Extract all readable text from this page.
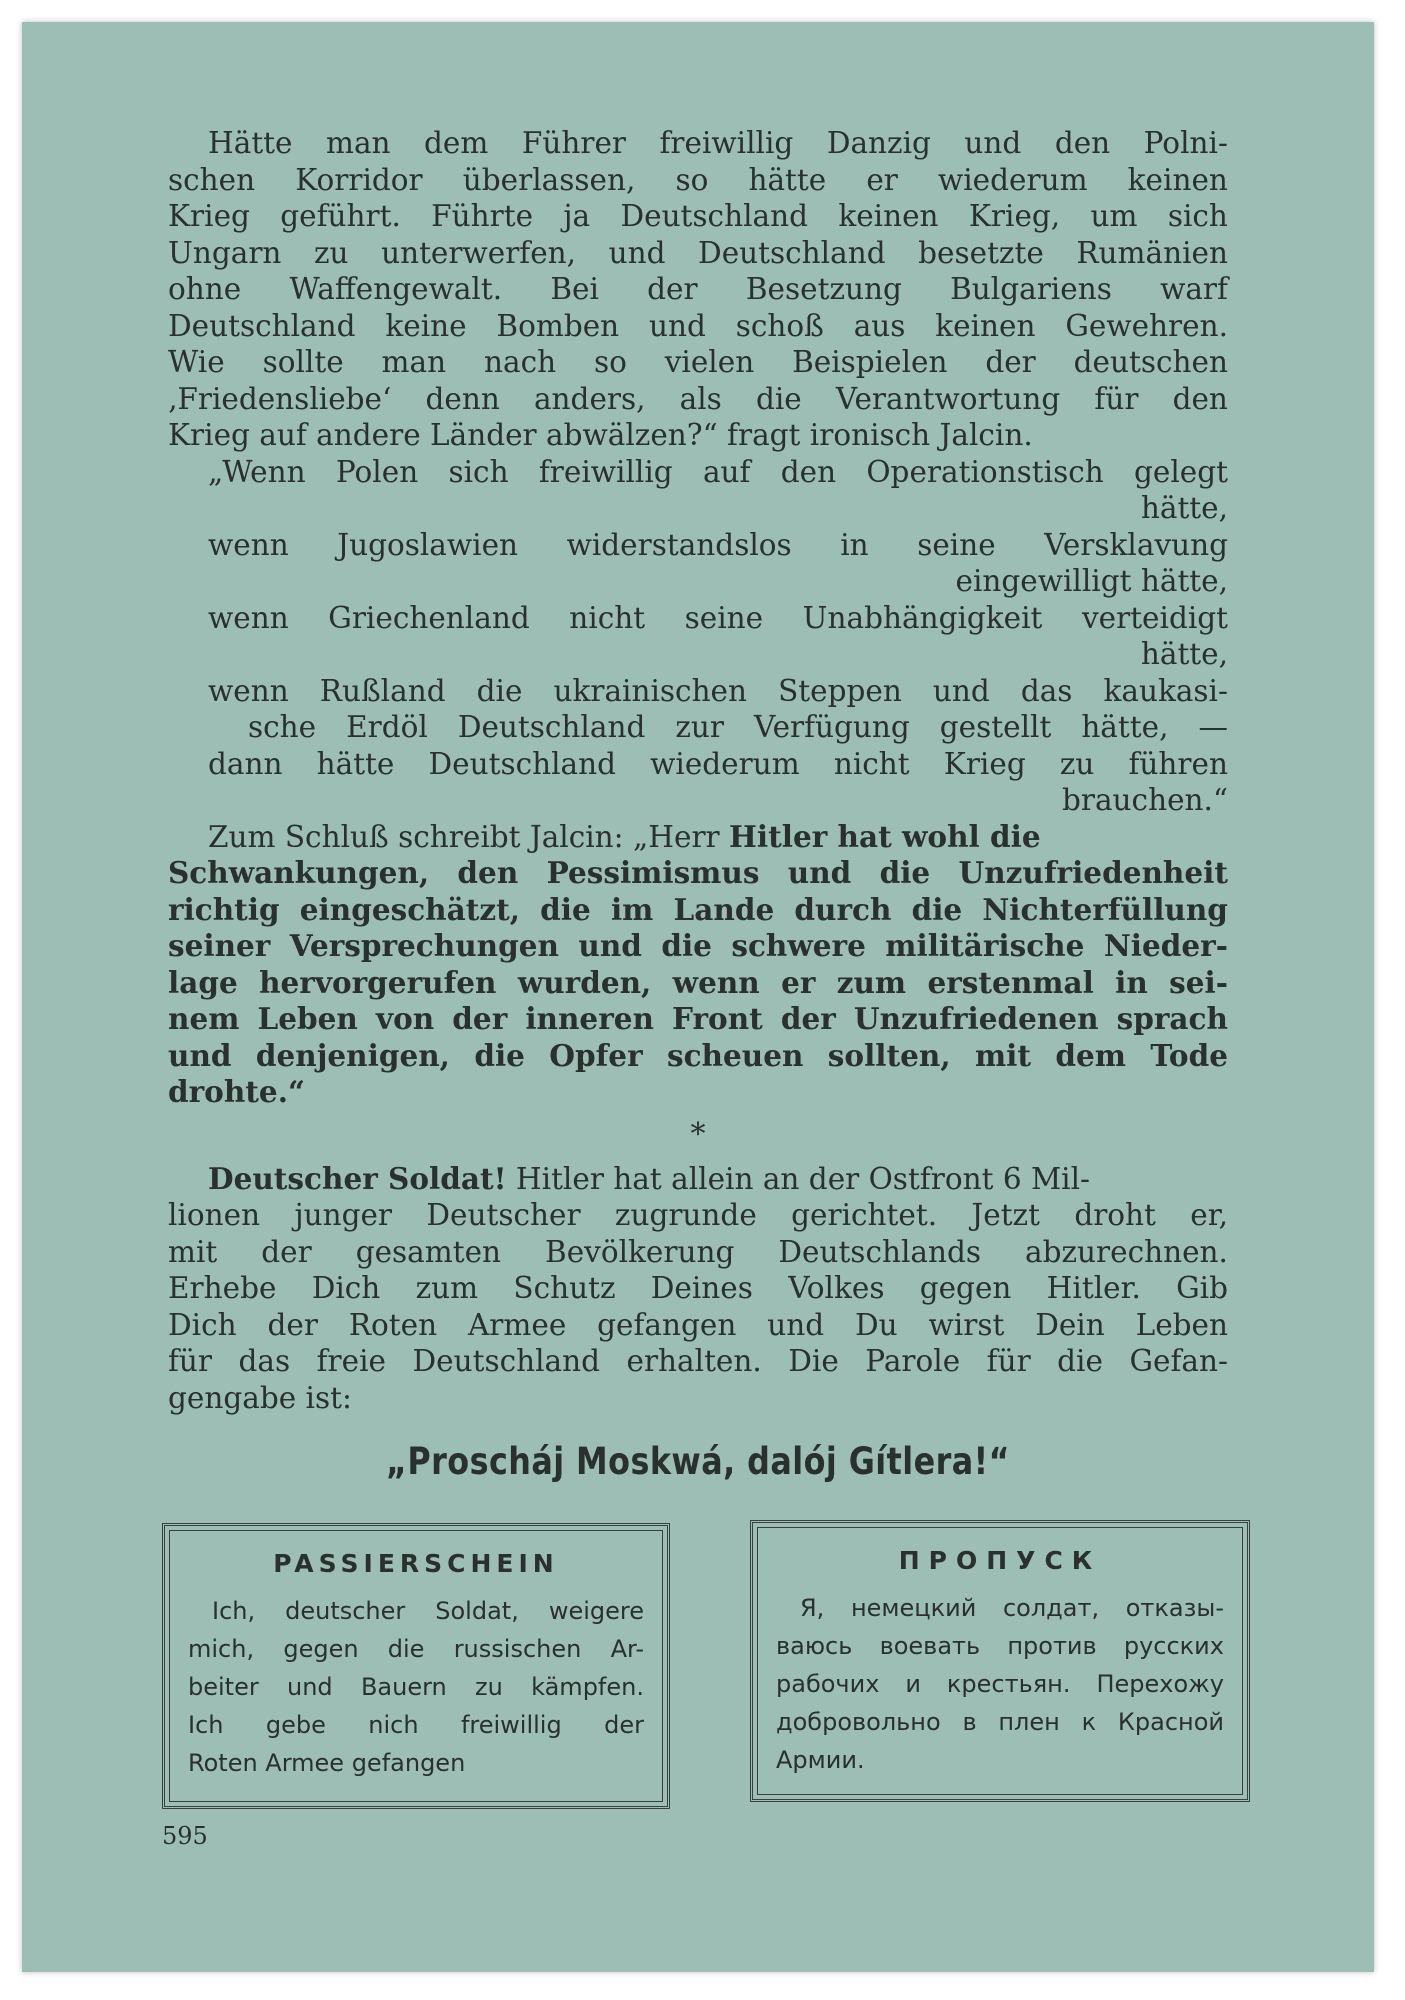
Hätte man dem Führer freiwillig Danzig und den Polni-
schen Korridor überlassen, so hätte er wiederum keinen
Krieg geführt. Führte ja Deutschland keinen Krieg, um sich
Ungarn zu unterwerfen, und Deutschland besetzte Rumänien
ohne Waffengewalt. Bei der Besetzung Bulgariens warf
Deutschland keine Bomben und schoß aus keinen Gewehren.
Wie sollte man nach so vielen Beispielen der deutschen
‚Friedensliebe‘ denn anders, als die Verantwortung für den
Krieg auf andere Länder abwälzen?“ fragt ironisch Jalcin.
„Wenn Polen sich freiwillig auf den Operationstisch gelegt
hätte,
wenn Jugoslawien widerstandslos in seine Versklavung
eingewilligt hätte,
wenn Griechenland nicht seine Unabhängigkeit verteidigt
hätte,
wenn Rußland die ukrainischen Steppen und das kaukasi-
sche Erdöl Deutschland zur Verfügung gestellt hätte, —
dann hätte Deutschland wiederum nicht Krieg zu führen
brauchen.“
Zum Schluß schreibt Jalcin: „Herr Hitler hat wohl die
Schwankungen, den Pessimismus und die Unzufriedenheit
richtig eingeschätzt, die im Lande durch die Nichterfüllung
seiner Versprechungen und die schwere militärische Nieder-
lage hervorgerufen wurden, wenn er zum erstenmal in sei-
nem Leben von der inneren Front der Unzufriedenen sprach
und denjenigen, die Opfer scheuen sollten, mit dem Tode
drohte.“
*
Deutscher Soldat! Hitler hat allein an der Ostfront 6 Mil-
lionen junger Deutscher zugrunde gerichtet. Jetzt droht er,
mit der gesamten Bevölkerung Deutschlands abzurechnen.
Erhebe Dich zum Schutz Deines Volkes gegen Hitler. Gib
Dich der Roten Armee gefangen und Du wirst Dein Leben
für das freie Deutschland erhalten. Die Parole für die Gefan-
gengabe ist:
„Proscháj Moskwá, dalój Gítlera!“
PASSIERSCHEIN
Ich, deutscher Soldat, weigere
mich, gegen die russischen Ar-
beiter und Bauern zu kämpfen.
Ich gebe nich freiwillig der
Roten Armee gefangen
ПРОПУСК
Я, немецкий солдат, отказы-
ваюсь воевать против русских
рабочих и крестьян. Перехожу
добровольно в плен к Красной
Армии.
595
